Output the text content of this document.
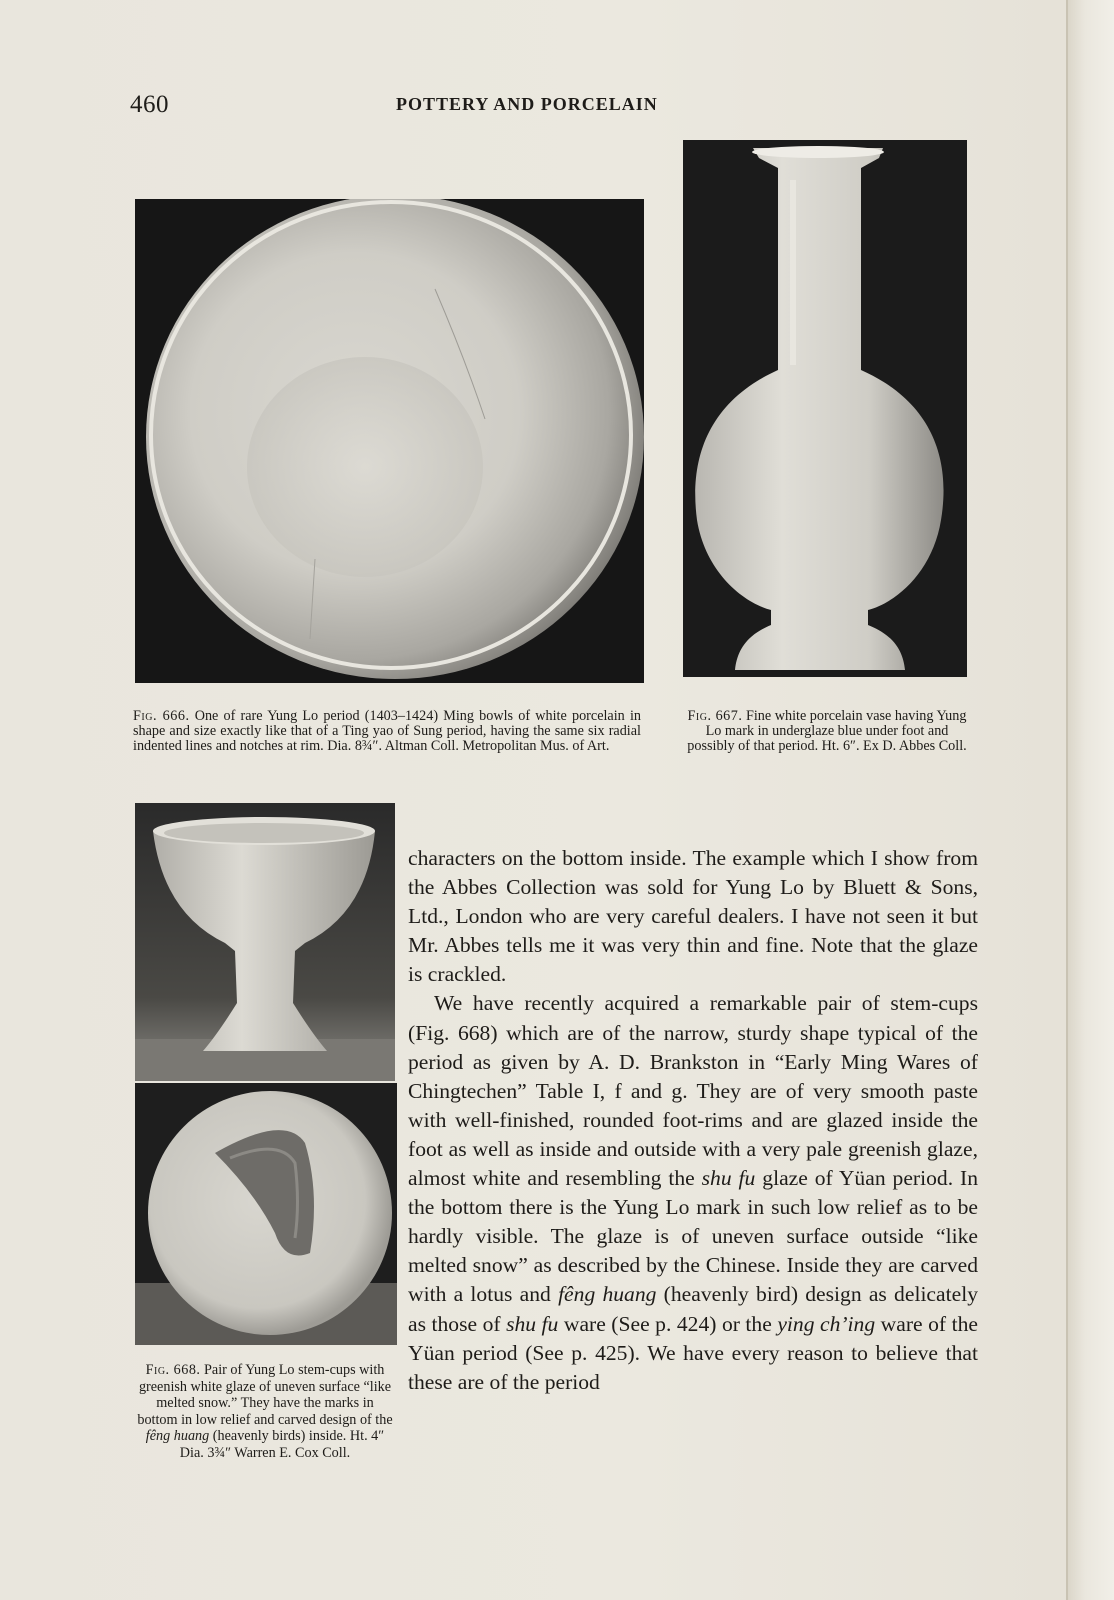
460	POTTERY AND PORCELAIN
Fig. 666. One of rare Yung Lo period (1403–1424) Ming bowls of white porcelain in shape and size exactly like that of a Ting yao of Sung period, having the same six radial indented lines and notches at rim. Dia. 8¾″. Altman Coll. Metropolitan Mus. of Art.
Fig. 667. Fine white porcelain vase having Yung Lo mark in underglaze blue under foot and possibly of that period. Ht. 6″. Ex D. Abbes Coll.
Fig. 668. Pair of Yung Lo stem-cups with greenish white glaze of uneven surface “like melted snow.” They have the marks in bottom in low relief and carved design of the fêng huang (heavenly birds) inside. Ht. 4″ Dia. 3¾″ Warren E. Cox Coll.

characters on the bottom inside. The example which I show from the Abbes Collection was sold for Yung Lo by Bluett & Sons, Ltd., London who are very careful dealers. I have not seen it but Mr. Abbes tells me it was very thin and fine. Note that the glaze is crackled.

We have recently acquired a remarkable pair of stem-cups (Fig. 668) which are of the narrow, sturdy shape typical of the period as given by A. D. Brankston in “Early Ming Wares of Chingtechen” Table I, f and g. They are of very smooth paste with well-finished, rounded foot-rims and are glazed inside the foot as well as inside and outside with a very pale greenish glaze, almost white and resembling the shu fu glaze of Yüan period. In the bottom there is the Yung Lo mark in such low relief as to be hardly visible. The glaze is of uneven surface outside “like melted snow” as described by the Chinese. Inside they are carved with a lotus and fêng huang (heavenly bird) design as delicately as those of shu fu ware (See p. 424) or the ying ch’ing ware of the Yüan period (See p. 425). We have every reason to believe that these are of the period
